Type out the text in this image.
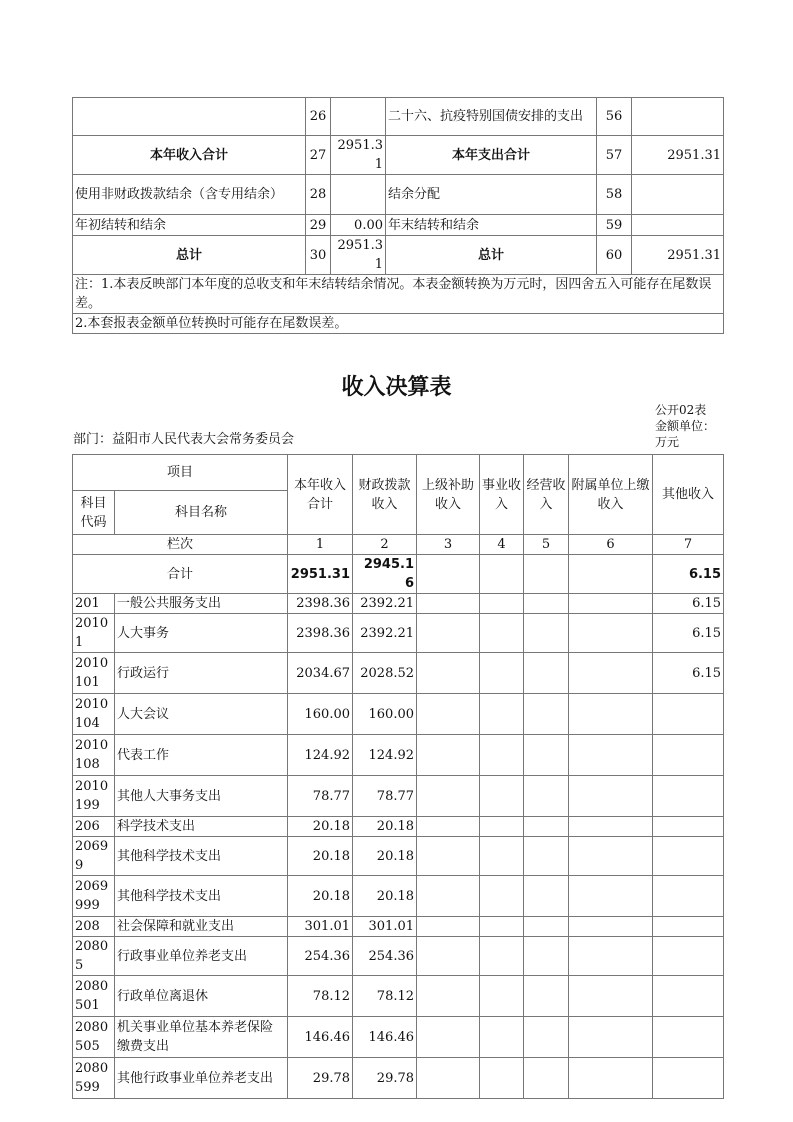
	26		二十六、抗疫特别国债安排的支出	56	
本年收入合计	27	2951.31	本年支出合计	57	2951.31
使用非财政拨款结余（含专用结余）	28		结余分配	58	
年初结转和结余	29	0.00	年末结转和结余	59	
总计	30	2951.31	总计	60	2951.31
注：1.本表反映部门本年度的总收支和年末结转结余情况。本表金额转换为万元时，因四舍五入可能存在尾数误差。					
2.本套报表金额单位转换时可能存在尾数误差。					
收入决算表
公开02表
金额单位：万元
部门：益阳市人民代表大会常务委员会
项目		本年收入合计	财政拨款收入	上级补助收入	事业收入	经营收入	附属单位上缴收入	其他收入
科目代码	科目名称							
栏次		1	2	3	4	5	6	7
合计		2951.31	2945.16					6.15
201	一般公共服务支出	2398.36	2392.21					6.15
20101	人大事务	2398.36	2392.21					6.15
2010101	行政运行	2034.67	2028.52					6.15
2010104	人大会议	160.00	160.00					
2010108	代表工作	124.92	124.92					
2010199	其他人大事务支出	78.77	78.77					
206	科学技术支出	20.18	20.18					
20699	其他科学技术支出	20.18	20.18					
2069999	其他科学技术支出	20.18	20.18					
208	社会保障和就业支出	301.01	301.01					
20805	行政事业单位养老支出	254.36	254.36					
2080501	行政单位离退休	78.12	78.12					
2080505	机关事业单位基本养老保险缴费支出	146.46	146.46					
2080599	其他行政事业单位养老支出	29.78	29.78					
